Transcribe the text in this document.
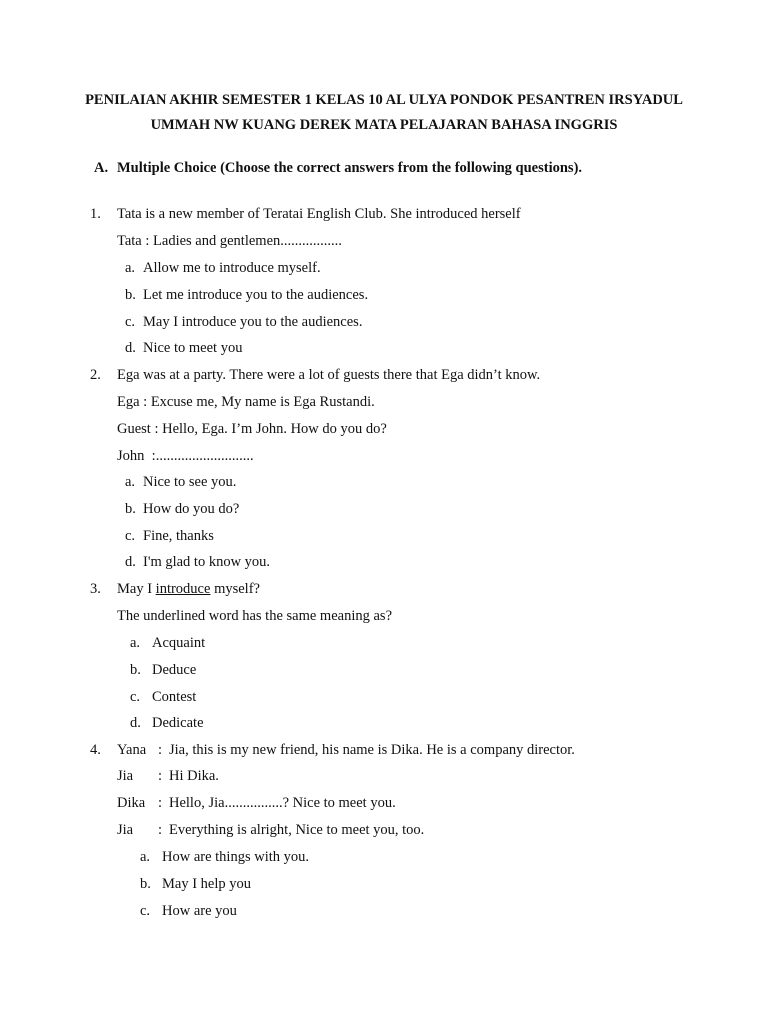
PENILAIAN AKHIR SEMESTER 1 KELAS 10 AL ULYA PONDOK PESANTREN IRSYADUL
UMMAH NW KUANG DEREK MATA PELAJARAN BAHASA INGGRIS
A. Multiple Choice (Choose the correct answers from the following questions).
1. Tata is a new member of Teratai English Club. She introduced herself
Tata : Ladies and gentlemen.................
a. Allow me to introduce myself.
b. Let me introduce you to the audiences.
c. May I introduce you to the audiences.
d. Nice to meet you
2. Ega was at a party. There were a lot of guests there that Ega didn’t know.
Ega : Excuse me, My name is Ega Rustandi.
Guest : Hello, Ega. I’m John. How do you do?
John  :...........................
a. Nice to see you.
b. How do you do?
c. Fine, thanks
d. I'm glad to know you.
3. May I introduce myself?
The underlined word has the same meaning as?
a. Acquaint
b. Deduce
c. Contest
d. Dedicate
4. Yana : Jia, this is my new friend, his name is Dika. He is a company director.
Jia : Hi Dika.
Dika : Hello, Jia................? Nice to meet you.
Jia : Everything is alright, Nice to meet you, too.
a. How are things with you.
b. May I help you
c. How are you
